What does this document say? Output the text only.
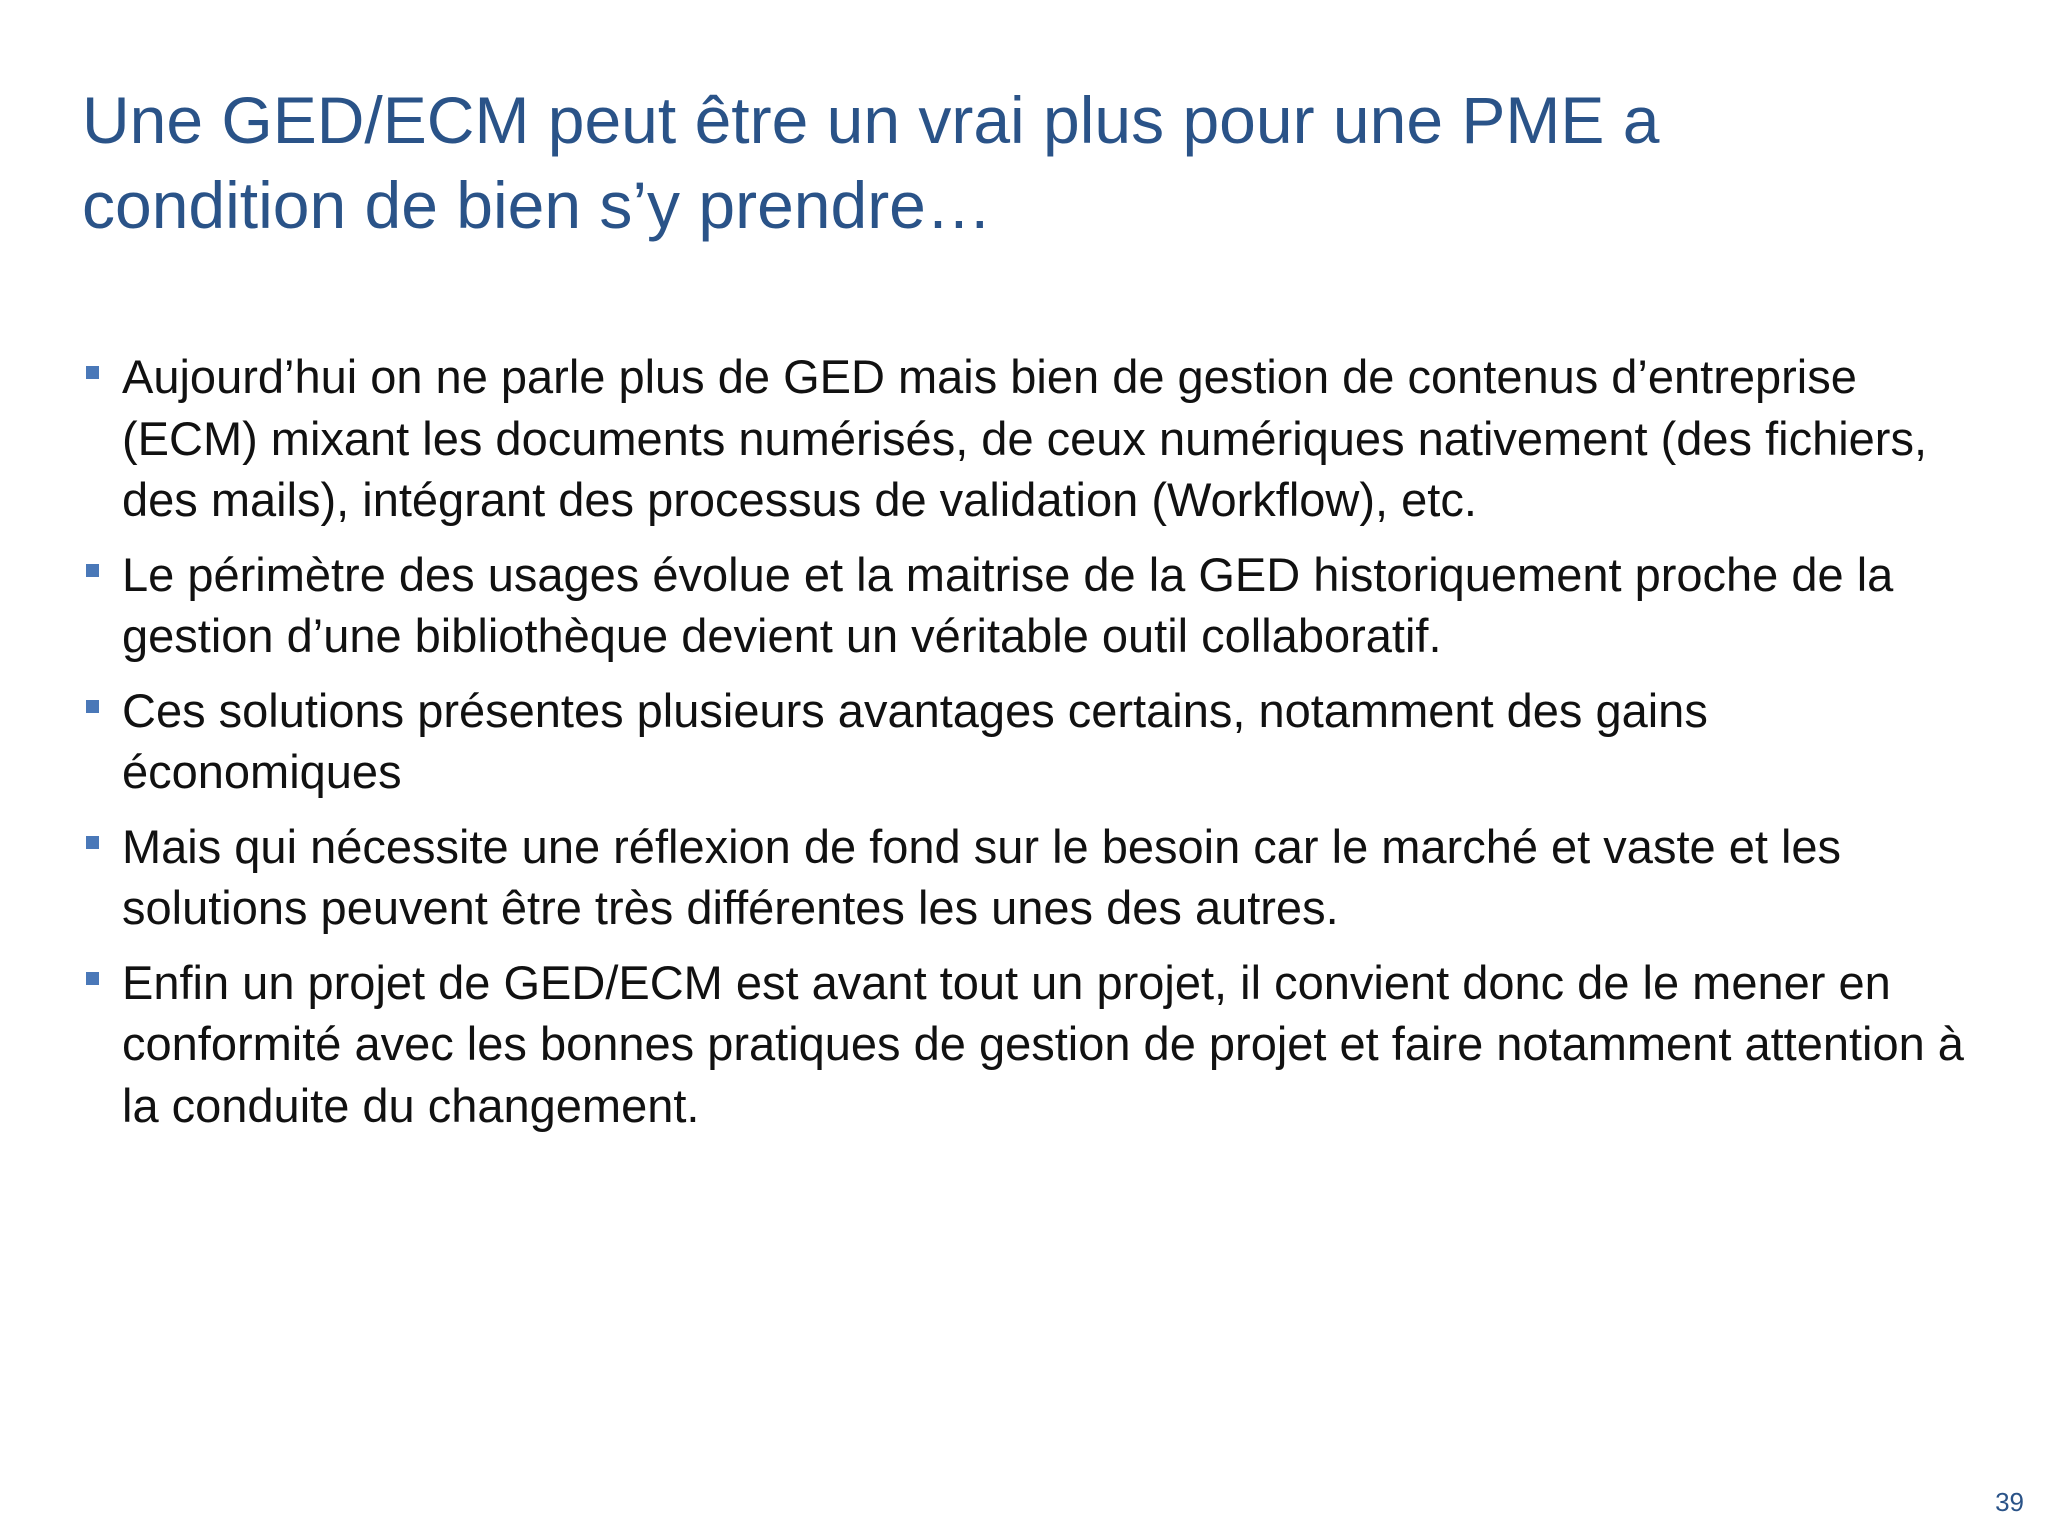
Une GED/ECM peut être un vrai plus pour une PME a condition de bien s’y prendre…
Aujourd’hui on ne parle plus de GED mais bien de gestion de contenus d’entreprise (ECM) mixant les documents numérisés, de ceux numériques nativement (des fichiers, des mails), intégrant des processus de validation (Workflow), etc.
Le périmètre des usages évolue et la maitrise de la GED historiquement proche de la gestion d’une bibliothèque devient un véritable outil collaboratif.
Ces solutions présentes plusieurs avantages certains, notamment des gains économiques
Mais qui nécessite une réflexion de fond sur le besoin car le marché et vaste et les solutions peuvent être très différentes les unes des autres.
Enfin un projet de GED/ECM est avant tout un projet, il convient donc de le mener en conformité avec les bonnes pratiques de gestion de projet et faire notamment attention à la conduite du changement.
39
